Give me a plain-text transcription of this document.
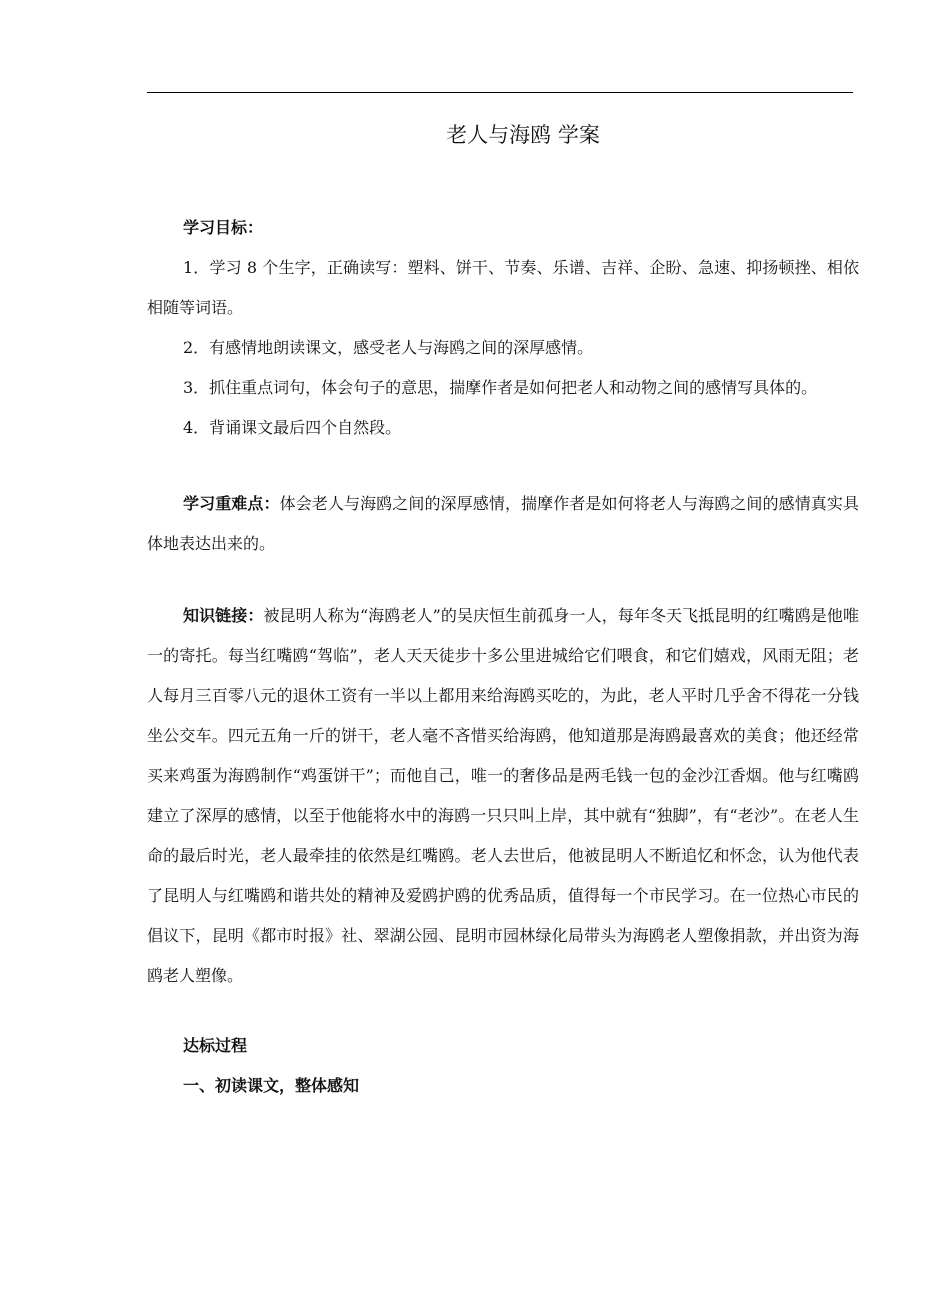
老人与海鸥 学案

学习目标：

1．学习 8 个生字，正确读写：塑料、饼干、节奏、乐谱、吉祥、企盼、急速、抑扬顿挫、相依相随等词语。

2．有感情地朗读课文，感受老人与海鸥之间的深厚感情。

3．抓住重点词句，体会句子的意思，揣摩作者是如何把老人和动物之间的感情写具体的。

4．背诵课文最后四个自然段。

学习重难点：体会老人与海鸥之间的深厚感情，揣摩作者是如何将老人与海鸥之间的感情真实具体地表达出来的。

知识链接：被昆明人称为“海鸥老人”的吴庆恒生前孤身一人，每年冬天飞抵昆明的红嘴鸥是他唯一的寄托。每当红嘴鸥“驾临”，老人天天徒步十多公里进城给它们喂食，和它们嬉戏，风雨无阻；老人每月三百零八元的退休工资有一半以上都用来给海鸥买吃的，为此，老人平时几乎舍不得花一分钱坐公交车。四元五角一斤的饼干，老人毫不吝惜买给海鸥，他知道那是海鸥最喜欢的美食；他还经常买来鸡蛋为海鸥制作“鸡蛋饼干”；而他自己，唯一的奢侈品是两毛钱一包的金沙江香烟。他与红嘴鸥建立了深厚的感情，以至于他能将水中的海鸥一只只叫上岸，其中就有“独脚”，有“老沙”。在老人生命的最后时光，老人最牵挂的依然是红嘴鸥。老人去世后，他被昆明人不断追忆和怀念，认为他代表了昆明人与红嘴鸥和谐共处的精神及爱鸥护鸥的优秀品质，值得每一个市民学习。在一位热心市民的倡议下，昆明《都市时报》社、翠湖公园、昆明市园林绿化局带头为海鸥老人塑像捐款，并出资为海鸥老人塑像。

达标过程

一、初读课文，整体感知
